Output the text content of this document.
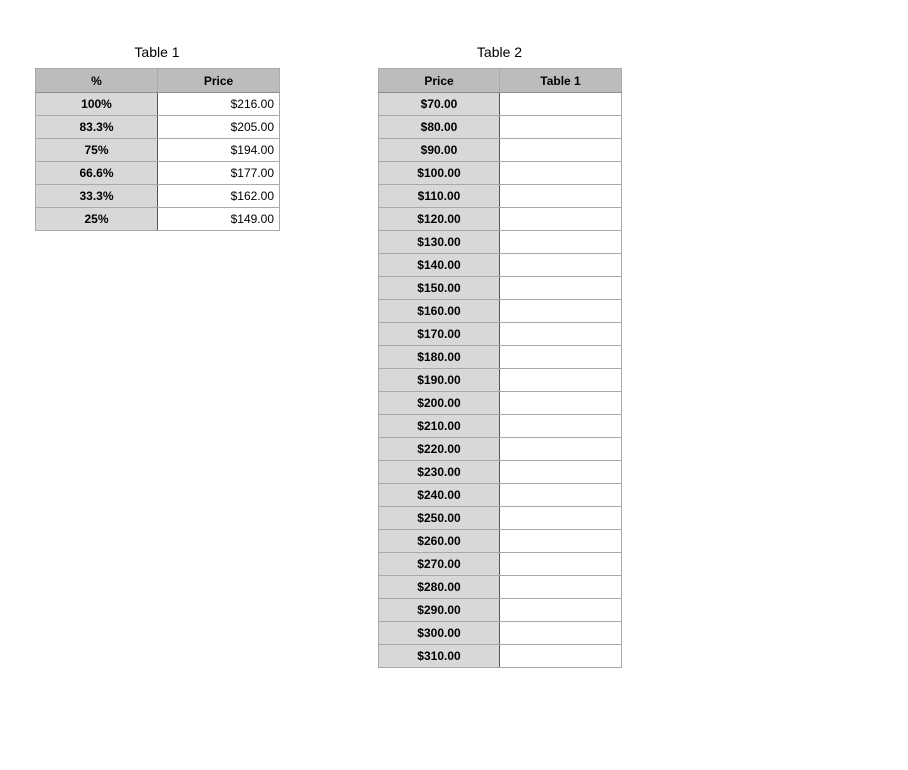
Table 1
%	Price
100%	$216.00
83.3%	$205.00
75%	$194.00
66.6%	$177.00
33.3%	$162.00
25%	$149.00
Table 2
Price	Table 1
$70.00	
$80.00	
$90.00	
$100.00	
$110.00	
$120.00	
$130.00	
$140.00	
$150.00	
$160.00	
$170.00	
$180.00	
$190.00	
$200.00	
$210.00	
$220.00	
$230.00	
$240.00	
$250.00	
$260.00	
$270.00	
$280.00	
$290.00	
$300.00	
$310.00	
